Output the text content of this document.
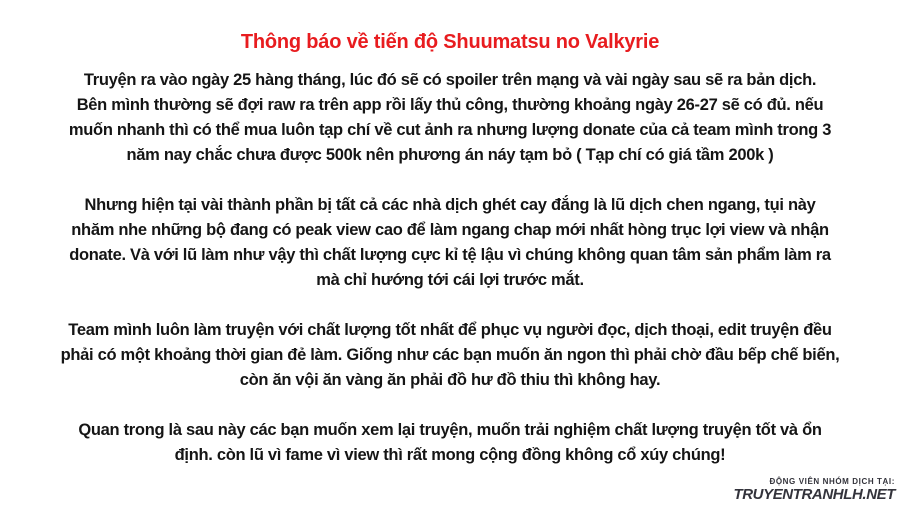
Thông báo về tiến độ Shuumatsu no Valkyrie
Truyện ra vào ngày 25 hàng tháng, lúc đó sẽ có spoiler trên mạng và vài ngày sau sẽ ra bản dịch.
Bên mình thường sẽ đợi raw ra trên app rồi lấy thủ công, thường khoảng ngày 26-27 sẽ có đủ. nếu
muốn nhanh thì có thể mua luôn tạp chí về cut ảnh ra nhưng lượng donate của cả team mình trong 3
năm nay chắc chưa được 500k nên phương án náy tạm bỏ ( Tạp chí có giá tầm 200k )
Nhưng hiện tại vài thành phần bị tất cả các nhà dịch ghét cay đắng là lũ dịch chen ngang, tụi này
nhăm nhe những bộ đang có peak view cao để làm ngang chap mới nhất hòng trục lợi view và nhận
donate. Và với lũ làm như vậy thì chất lượng cực kỉ tệ lậu vì chúng không quan tâm sản phẩm làm ra
mà chỉ hướng tới cái lợi trước mắt.
Team mình luôn làm truyện với chất lượng tốt nhất để phục vụ người đọc, dịch thoại, edit truyện đều
phải có một khoảng thời gian đẻ làm. Giống như các bạn muốn ăn ngon thì phải chờ đầu bếp chế biến,
còn ăn vội ăn vàng ăn phải đồ hư đồ thiu thì không hay.
Quan trong là sau này các bạn muốn xem lại truyện, muốn trải nghiệm chất lượng truyện tốt và ổn
định. còn lũ vì fame vì view thì rất mong cộng đồng không cổ xúy chúng!
ĐỘNG VIÊN NHÓM DỊCH TẠI:
TRUYENTRANHLH.NET
